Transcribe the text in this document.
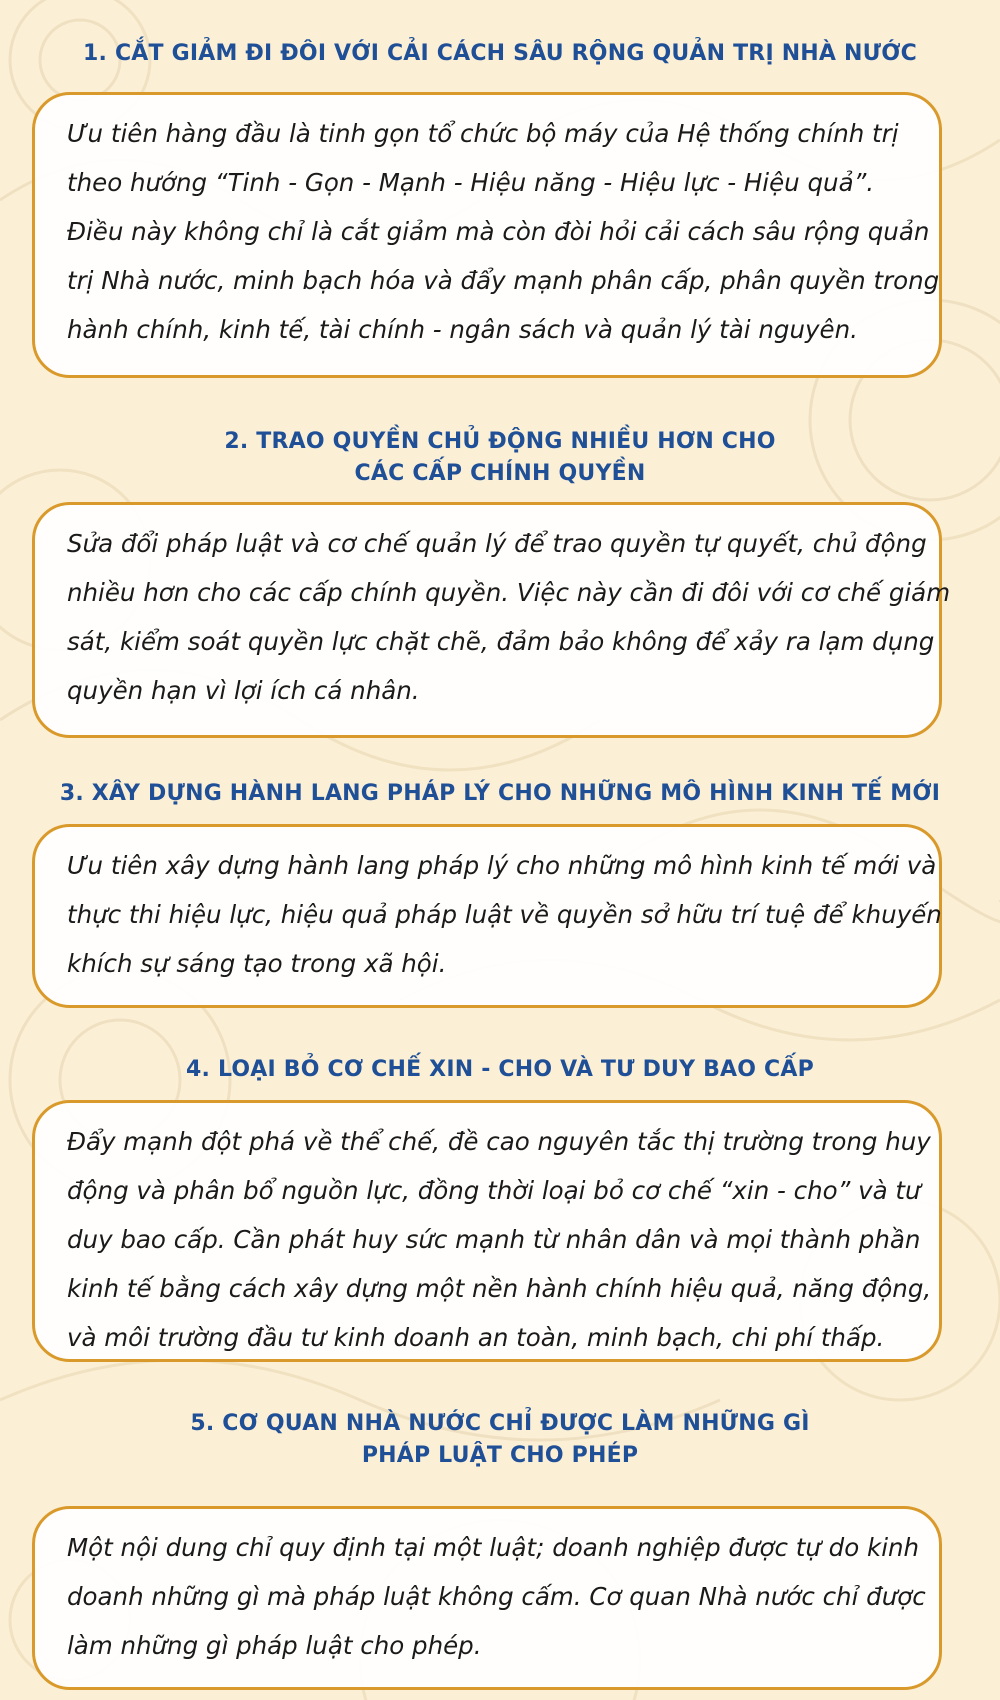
1. CẮT GIẢM ĐI ĐÔI VỚI CẢI CÁCH SÂU RỘNG QUẢN TRỊ NHÀ NƯỚC

Ưu tiên hàng đầu là tinh gọn tổ chức bộ máy của Hệ thống chính trị
theo hướng “Tinh - Gọn - Mạnh - Hiệu năng - Hiệu lực - Hiệu quả”.
Điều này không chỉ là cắt giảm mà còn đòi hỏi cải cách sâu rộng quản
trị Nhà nước, minh bạch hóa và đẩy mạnh phân cấp, phân quyền trong
hành chính, kinh tế, tài chính - ngân sách và quản lý tài nguyên.

2. TRAO QUYỀN CHỦ ĐỘNG NHIỀU HƠN CHO
CÁC CẤP CHÍNH QUYỀN

Sửa đổi pháp luật và cơ chế quản lý để trao quyền tự quyết, chủ động
nhiều hơn cho các cấp chính quyền. Việc này cần đi đôi với cơ chế giám
sát, kiểm soát quyền lực chặt chẽ, đảm bảo không để xảy ra lạm dụng
quyền hạn vì lợi ích cá nhân.

3. XÂY DỰNG HÀNH LANG PHÁP LÝ CHO NHỮNG MÔ HÌNH KINH TẾ MỚI

Ưu tiên xây dựng hành lang pháp lý cho những mô hình kinh tế mới và
thực thi hiệu lực, hiệu quả pháp luật về quyền sở hữu trí tuệ để khuyến
khích sự sáng tạo trong xã hội.

4. LOẠI BỎ CƠ CHẾ XIN - CHO VÀ TƯ DUY BAO CẤP

Đẩy mạnh đột phá về thể chế, đề cao nguyên tắc thị trường trong huy
động và phân bổ nguồn lực, đồng thời loại bỏ cơ chế “xin - cho” và tư
duy bao cấp. Cần phát huy sức mạnh từ nhân dân và mọi thành phần
kinh tế bằng cách xây dựng một nền hành chính hiệu quả, năng động,
và môi trường đầu tư kinh doanh an toàn, minh bạch, chi phí thấp.

5. CƠ QUAN NHÀ NƯỚC CHỈ ĐƯỢC LÀM NHỮNG GÌ
PHÁP LUẬT CHO PHÉP

Một nội dung chỉ quy định tại một luật; doanh nghiệp được tự do kinh
doanh những gì mà pháp luật không cấm. Cơ quan Nhà nước chỉ được
làm những gì pháp luật cho phép.
